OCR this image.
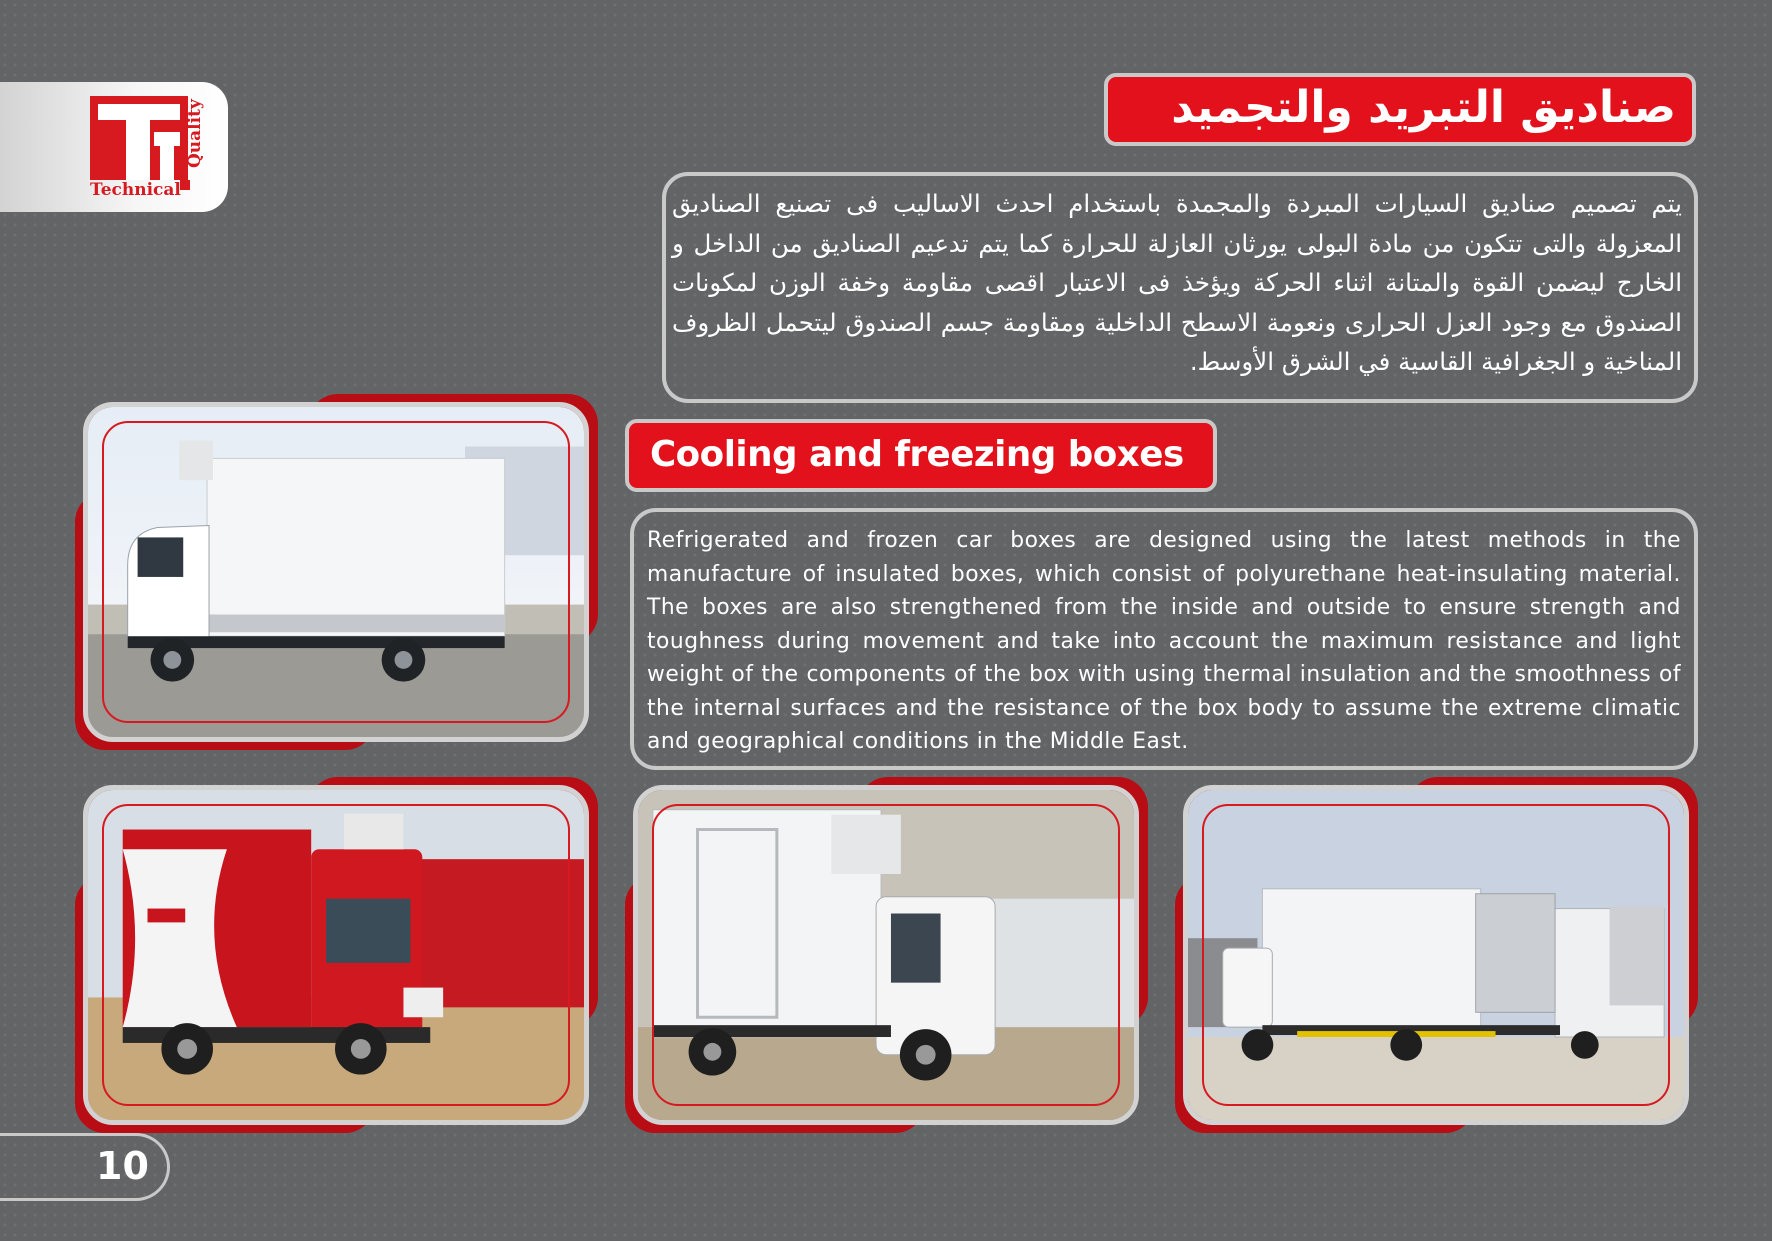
Technical
Quality	صناديق التبريد والتجميد
يتم تصميم صناديق السيارات المبردة والمجمدة باستخدام احدث الاساليب فى تصنيع الصناديق المعزولة والتى تتكون من مادة البولى يورثان العازلة للحرارة كما يتم تدعيم الصناديق من الداخل و الخارج ليضمن القوة والمتانة اثناء الحركة ويؤخذ فى الاعتبار اقصى مقاومة وخفة الوزن لمكونات الصندوق مع وجود العزل الحرارى ونعومة الاسطح الداخلية ومقاومة جسم الصندوق ليتحمل الظروف المناخية و الجغرافية القاسية في الشرق الأوسط.
Cooling and freezing boxes
Refrigerated and frozen car boxes are designed using the latest methods in the manufacture of insulated boxes, which consist of polyurethane heat-insulating material. The boxes are also strengthened from the inside and outside to ensure strength and toughness during movement and take into account the maximum resistance and light weight of the components of the box with using thermal insulation and the smoothness of the internal surfaces and the resistance of the box body to assume the extreme climatic and geographical conditions in the Middle East.
10
